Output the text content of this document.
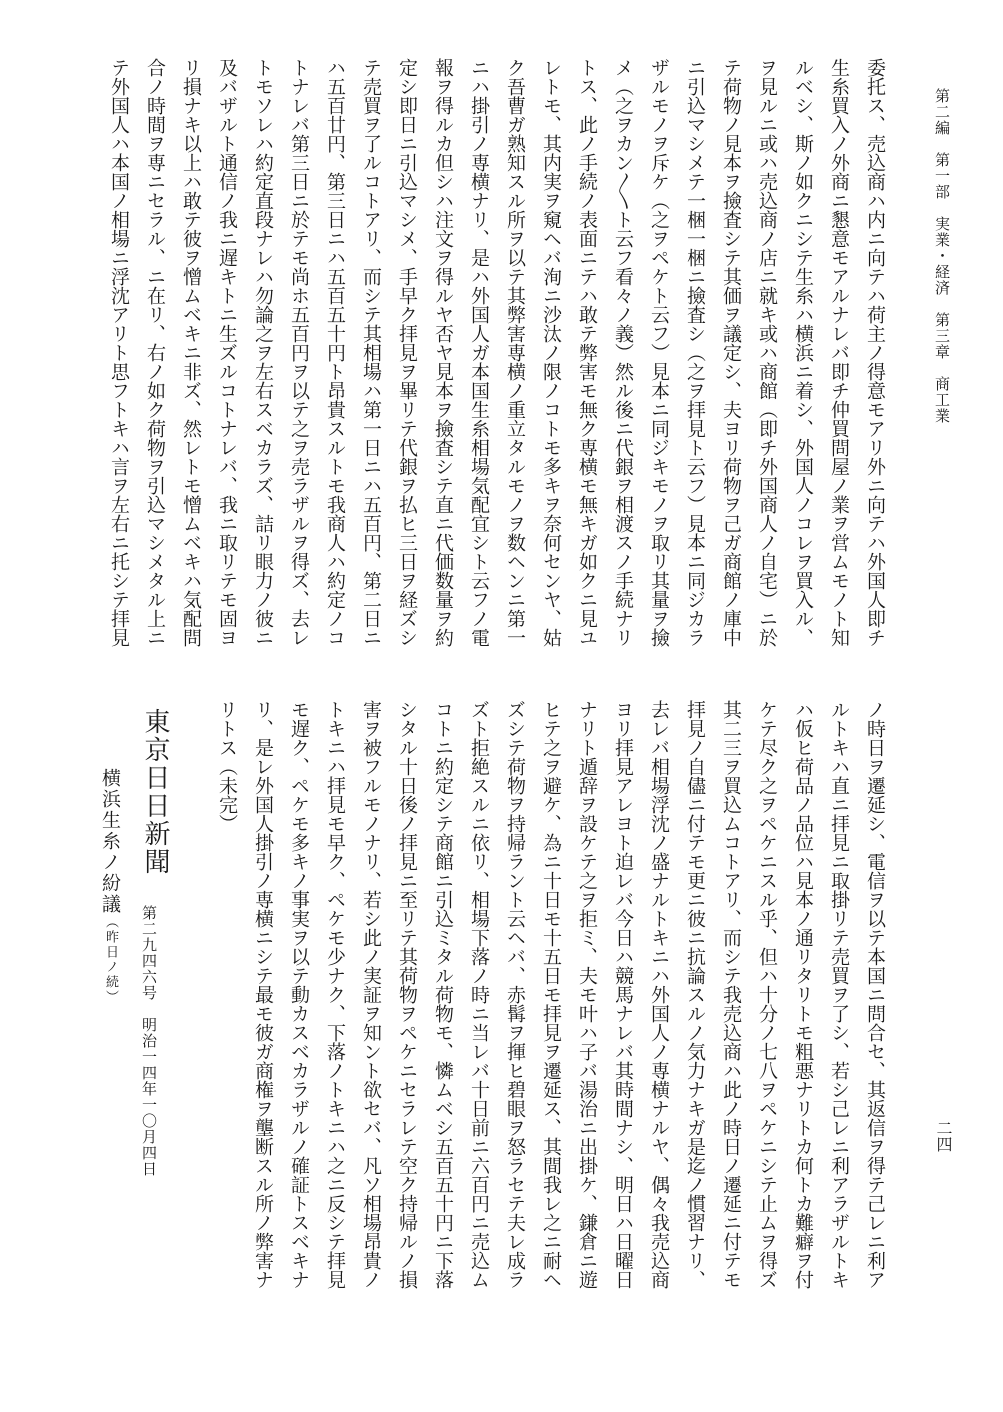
第二編　第一部　実業・経済　第三章　商工業
二四
委托ス、売込商ハ内ニ向テハ荷主ノ得意モアリ外ニ向テハ外国人即チ
生糸買入ノ外商ニ懇意モアルナレバ即チ仲買問屋ノ業ヲ営ムモノト知
ルベシ、斯ノ如クニシテ生糸ハ横浜ニ着シ、外国人ノコレヲ買入ル、
ヲ見ルニ或ハ売込商ノ店ニ就キ或ハ商館（即チ外国商人ノ自宅）ニ於
テ荷物ノ見本ヲ撿査シテ其価ヲ議定シ、夫ヨリ荷物ヲ己ガ商館ノ庫中
ニ引込マシメテ一梱一梱ニ撿査シ（之ヲ拝見ト云フ）見本ニ同ジカラ
ザルモノヲ斥ケ（之ヲペケト云フ）見本ニ同ジキモノヲ取リ其量ヲ撿
メ（之ヲカン〳〵ト云フ看々ノ義）然ル後ニ代銀ヲ相渡スノ手続ナリ
トス、此ノ手続ノ表面ニテハ敢テ弊害モ無ク専横モ無キガ如クニ見ユ
レトモ、其内実ヲ窺ヘバ洵ニ沙汰ノ限ノコトモ多キヲ奈何センヤ、姑
ク吾曹ガ熟知スル所ヲ以テ其弊害専横ノ重立タルモノヲ数ヘンニ第一
ニハ掛引ノ専横ナリ、是ハ外国人ガ本国生糸相場気配宜シト云フノ電
報ヲ得ルカ但シハ注文ヲ得ルヤ否ヤ見本ヲ撿査シテ直ニ代価数量ヲ約
定シ即日ニ引込マシメ、手早ク拝見ヲ畢リテ代銀ヲ払ヒ三日ヲ経ズシ
テ売買ヲ了ルコトアリ、而シテ其相場ハ第一日ニハ五百円、第二日ニ
ハ五百廿円、第三日ニハ五百五十円ト昂貴スルトモ我商人ハ約定ノコ
トナレバ第三日ニ於テモ尚ホ五百円ヲ以テ之ヲ売ラザルヲ得ズ、去レ
トモソレハ約定直段ナレハ勿論之ヲ左右スベカラズ、詰リ眼力ノ彼ニ
及バザルト通信ノ我ニ遅キトニ生ズルコトナレバ、我ニ取リテモ固ヨ
リ損ナキ以上ハ敢テ彼ヲ憎ムベキニ非ズ、然レトモ憎ムベキハ気配問
合ノ時間ヲ専ニセラル、ニ在リ、右ノ如ク荷物ヲ引込マシメタル上ニ
テ外国人ハ本国ノ相場ニ浮沈アリト思フトキハ言ヲ左右ニ托シテ拝見
ノ時日ヲ遷延シ、電信ヲ以テ本国ニ問合セ、其返信ヲ得テ己レニ利ア
ルトキハ直ニ拝見ニ取掛リテ売買ヲ了シ、若シ己レニ利アラザルトキ
ハ仮ヒ荷品ノ品位ハ見本ノ通リタリトモ粗悪ナリトカ何トカ難癖ヲ付
ケテ尽ク之ヲペケニスル乎、但ハ十分ノ七八ヲペケニシテ止ムヲ得ズ
其二三ヲ買込ムコトアリ、而シテ我売込商ハ此ノ時日ノ遷延ニ付テモ
拝見ノ自儘ニ付テモ更ニ彼ニ抗論スルノ気力ナキガ是迄ノ慣習ナリ、
去レバ相場浮沈ノ盛ナルトキニハ外国人ノ専横ナルヤ、偶々我売込商
ヨリ拝見アレヨト迫レバ今日ハ競馬ナレバ其時間ナシ、明日ハ日曜日
ナリト遁辞ヲ設ケテ之ヲ拒ミ、夫モ叶ハ子バ湯治ニ出掛ケ、鎌倉ニ遊
ヒテ之ヲ避ケ、為ニ十日モ十五日モ拝見ヲ遷延ス、其間我レ之ニ耐ヘ
ズシテ荷物ヲ持帰ラント云ヘバ、赤髯ヲ揮ヒ碧眼ヲ怒ラセテ夫レ成ラ
ズト拒絶スルニ依リ、相場下落ノ時ニ当レバ十日前ニ六百円ニ売込ム
コトニ約定シテ商館ニ引込ミタル荷物モ、憐ムベシ五百五十円ニ下落
シタル十日後ノ拝見ニ至リテ其荷物ヲペケニセラレテ空ク持帰ルノ損
害ヲ被フルモノナリ、若シ此ノ実証ヲ知ント欲セバ、凡ソ相場昂貴ノ
トキニハ拝見モ早ク、ペケモ少ナク、下落ノトキニハ之ニ反シテ拝見
モ遅ク、ペケモ多キノ事実ヲ以テ動カスベカラザルノ確証トスベキナ
リ、是レ外国人掛引ノ専横ニシテ最モ彼ガ商権ヲ壟断スル所ノ弊害ナ
リトス（未完）
東京日日新聞
第二九四六号　明治一四年一〇月四日
横浜生糸ノ紛議（昨日ノ続）
